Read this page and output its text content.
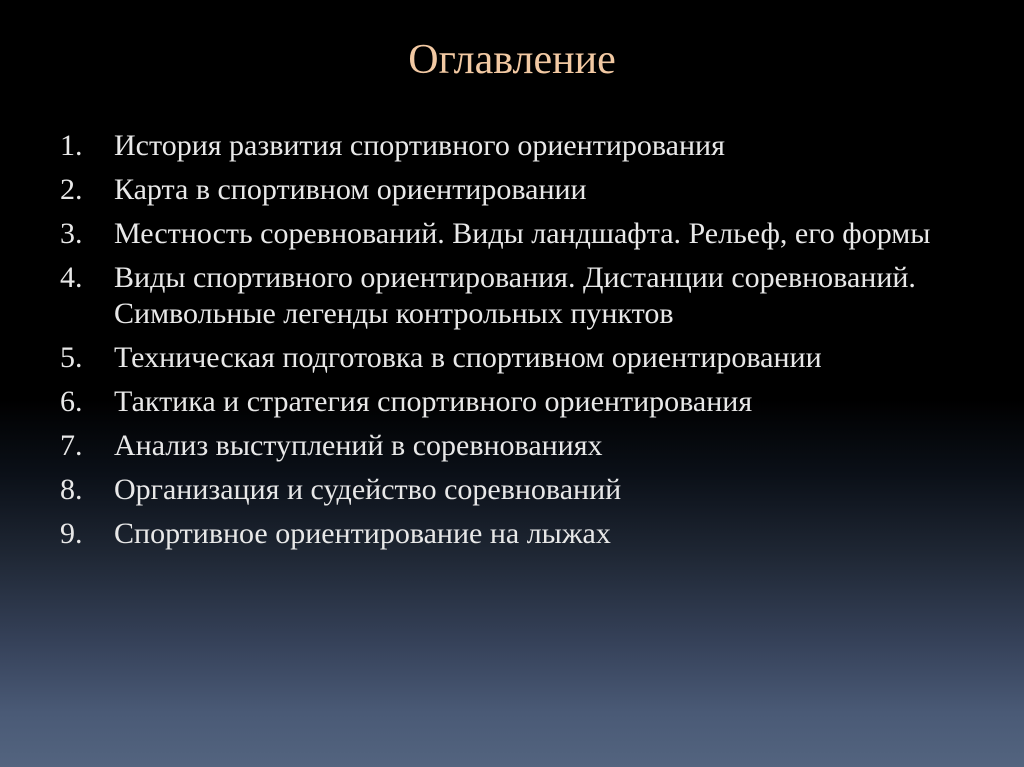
Оглавление
1.	История развития спортивного ориентирования
2.	Карта в спортивном ориентировании
3.	Местность соревнований. Виды ландшафта. Рельеф, его формы
4.	Виды спортивного ориентирования. Дистанции соревнований. Символьные легенды контрольных пунктов
5.	Техническая подготовка в спортивном ориентировании
6.	Тактика и стратегия спортивного ориентирования
7.	Анализ выступлений в соревнованиях
8.	Организация и судейство соревнований
9.	Спортивное ориентирование на лыжах
